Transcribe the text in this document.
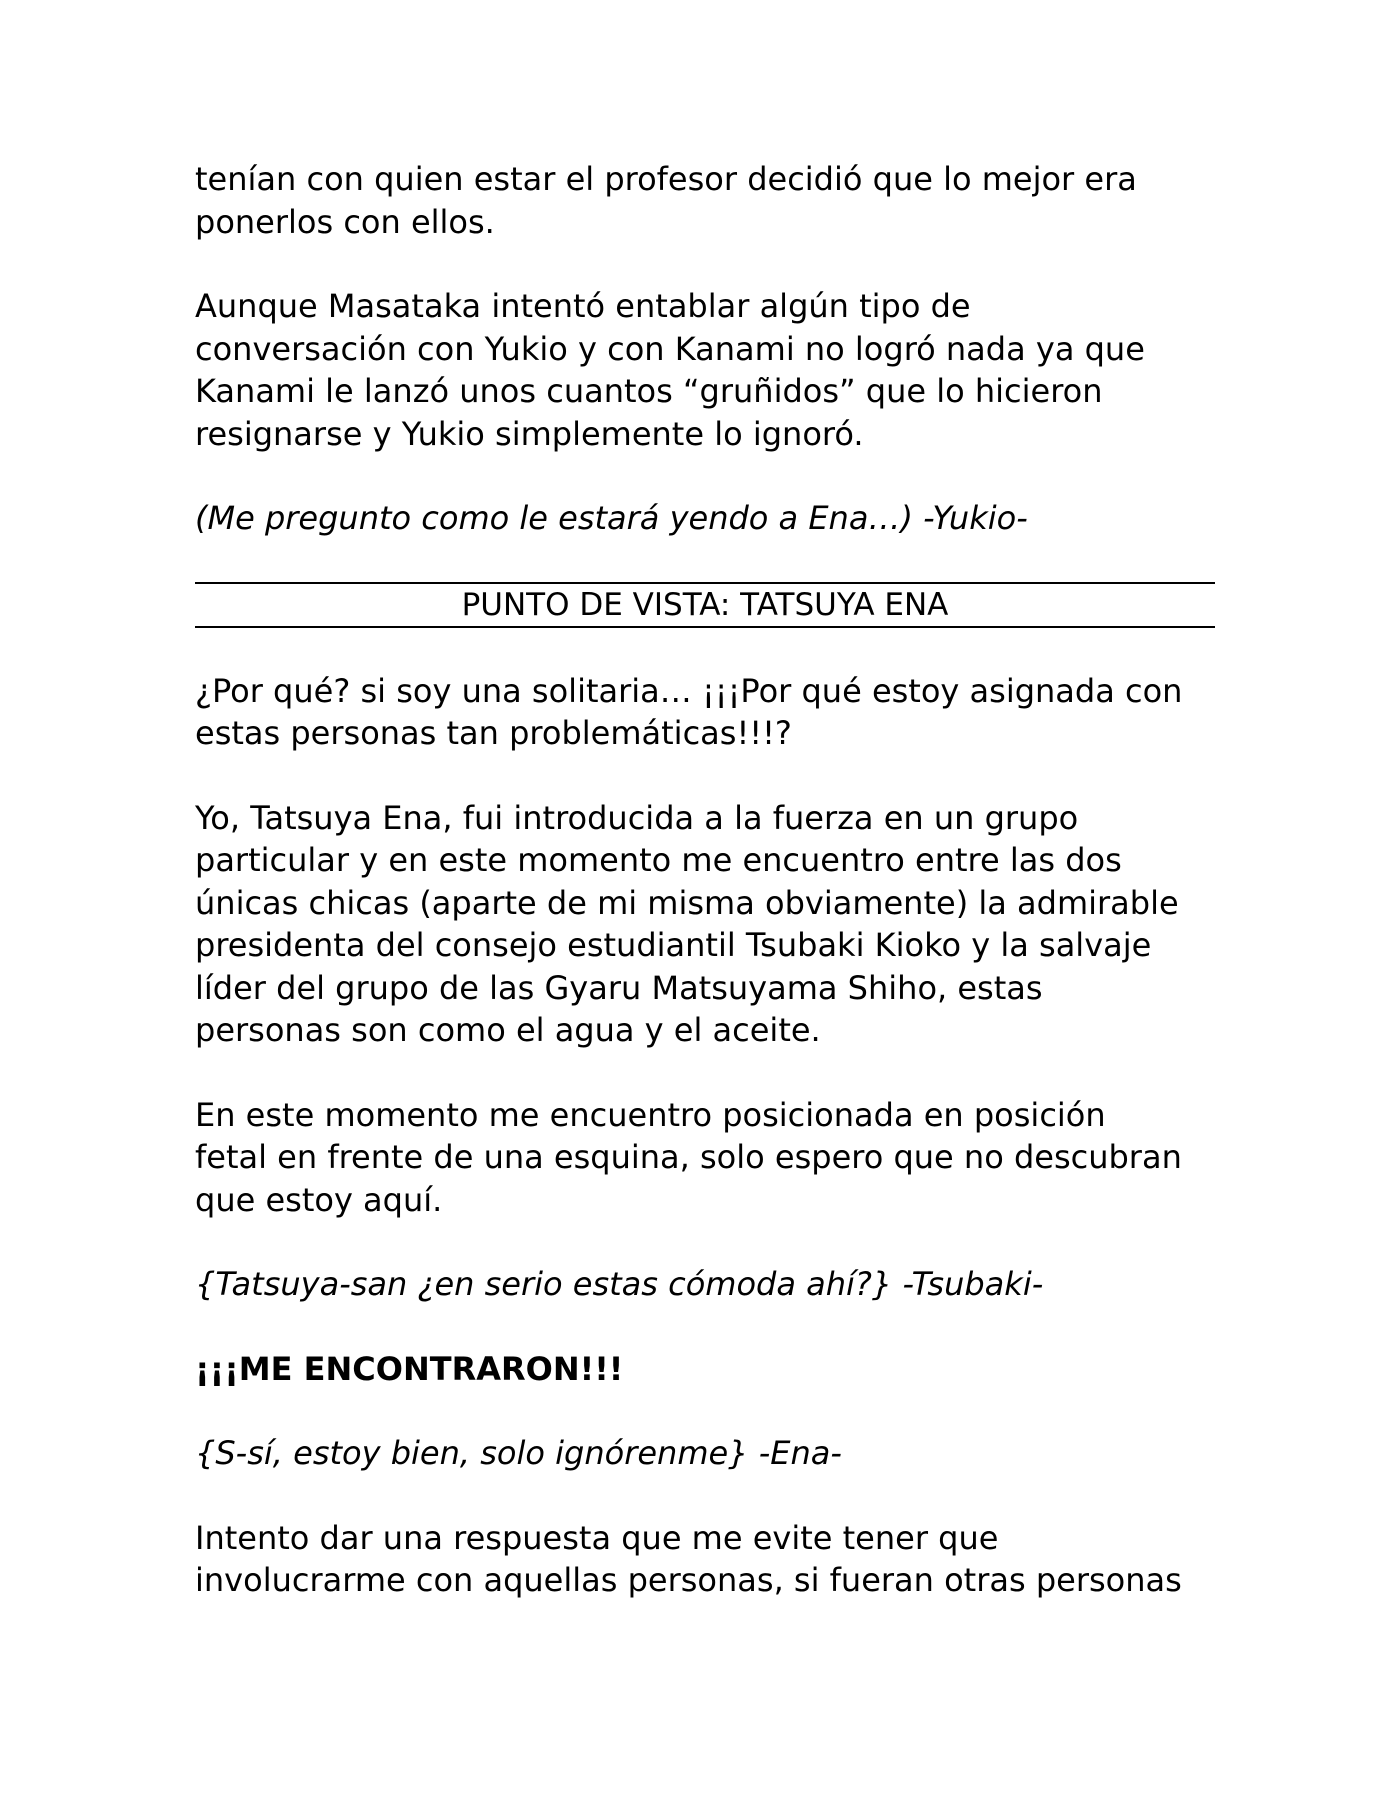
tenían con quien estar el profesor decidió que lo mejor era
ponerlos con ellos.

Aunque Masataka intentó entablar algún tipo de
conversación con Yukio y con Kanami no logró nada ya que
Kanami le lanzó unos cuantos “gruñidos” que lo hicieron
resignarse y Yukio simplemente lo ignoró.

(Me pregunto como le estará yendo a Ena…) -Yukio-

PUNTO DE VISTA: TATSUYA ENA

¿Por qué? si soy una solitaria… ¡¡¡Por qué estoy asignada con
estas personas tan problemáticas!!!?

Yo, Tatsuya Ena, fui introducida a la fuerza en un grupo
particular y en este momento me encuentro entre las dos
únicas chicas (aparte de mi misma obviamente) la admirable
presidenta del consejo estudiantil Tsubaki Kioko y la salvaje
líder del grupo de las Gyaru Matsuyama Shiho, estas
personas son como el agua y el aceite.

En este momento me encuentro posicionada en posición
fetal en frente de una esquina, solo espero que no descubran
que estoy aquí.

{Tatsuya-san ¿en serio estas cómoda ahí?} -Tsubaki-

¡¡¡ME ENCONTRARON!!!

{S-sí, estoy bien, solo ignórenme} -Ena-

Intento dar una respuesta que me evite tener que
involucrarme con aquellas personas, si fueran otras personas
